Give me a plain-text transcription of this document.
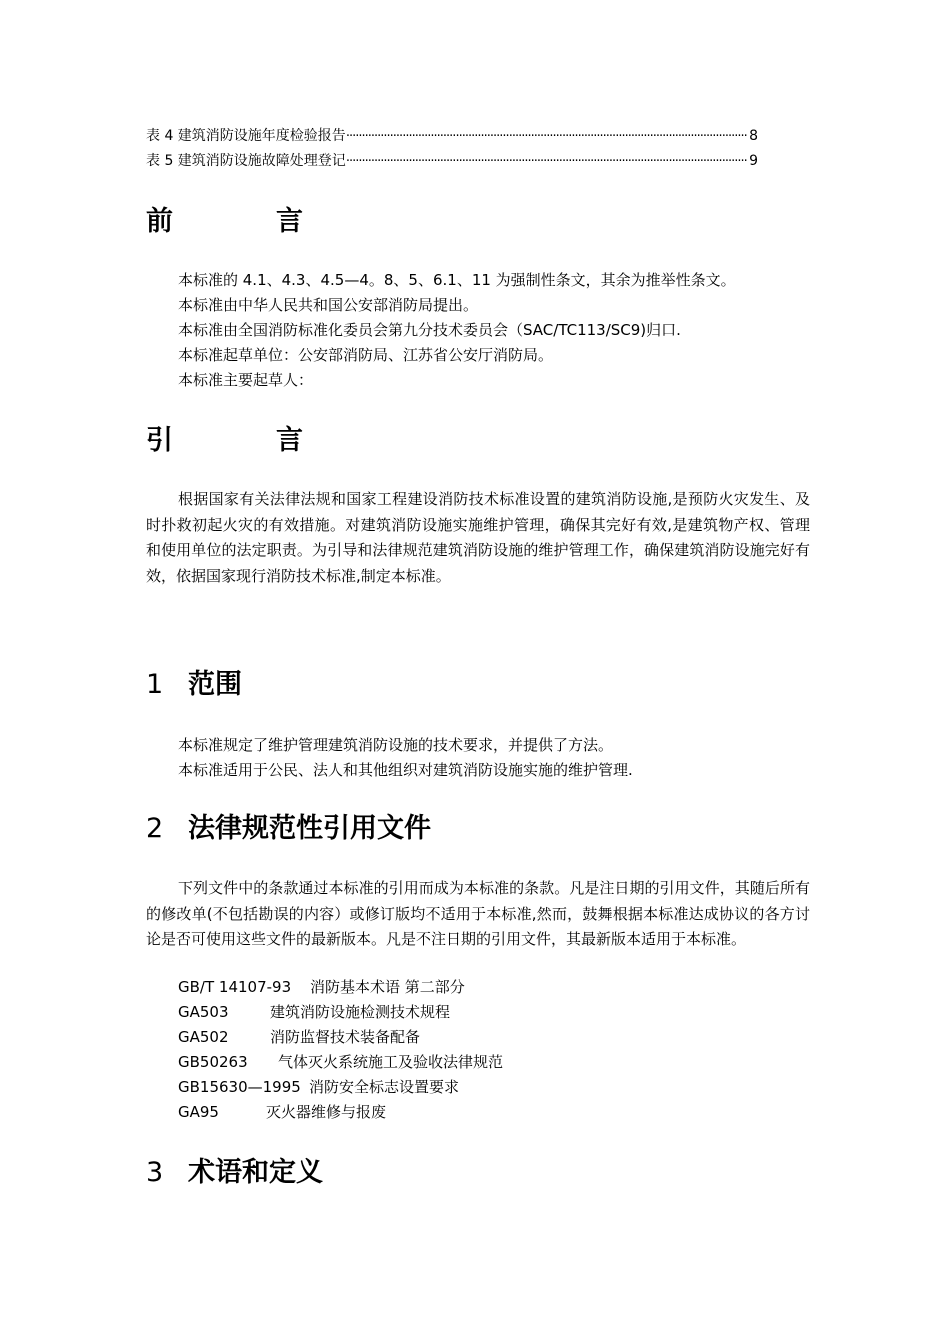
表 4 建筑消防设施年度检验报告 ·····	8
表 5 建筑消防设施故障处理登记 ·····	9
前	言
本标准的 4.1、4.3、4.5—4。8、5、6.1、11 为强制性条文，其余为推举性条文。
本标准由中华人民共和国公安部消防局提出。
本标准由全国消防标准化委员会第九分技术委员会（SAC/TC113/SC9)归口.
本标准起草单位：公安部消防局、江苏省公安厅消防局。
本标准主要起草人：
引	言
根据国家有关法律法规和国家工程建设消防技术标准设置的建筑消防设施,是预防火灾发生、及时扑救初起火灾的有效措施。对建筑消防设施实施维护管理，确保其完好有效,是建筑物产权、管理和使用单位的法定职责。为引导和法律规范建筑消防设施的维护管理工作，确保建筑消防设施完好有效，依据国家现行消防技术标准,制定本标准。
1 范围
本标准规定了维护管理建筑消防设施的技术要求，并提供了方法。
本标准适用于公民、法人和其他组织对建筑消防设施实施的维护管理.
2 法律规范性引用文件
下列文件中的条款通过本标准的引用而成为本标准的条款。凡是注日期的引用文件，其随后所有的修改单(不包括勘误的内容）或修订版均不适用于本标准,然而，鼓舞根据本标准达成协议的各方讨论是否可使用这些文件的最新版本。凡是不注日期的引用文件，其最新版本适用于本标准。
GB/T 14107-93 消防基本术语 第二部分
GA503	建筑消防设施检测技术规程
GA502	消防监督技术装备配备
GB50263 气体灭火系统施工及验收法律规范
GB15630—1995 消防安全标志设置要求
GA95	灭火器维修与报废
3 术语和定义
